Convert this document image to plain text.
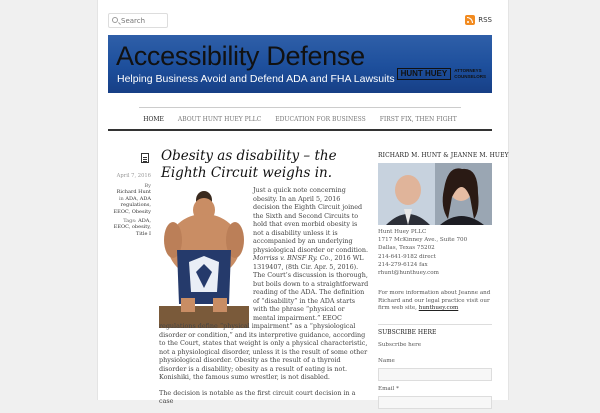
Search
RSS
Accessibility Defense
Helping Business Avoid and Defend ADA and FHA Lawsuits HUNT HUEY	ATTORNEYS
COUNSELORS
HOME ABOUT HUNT HUEY PLLC EDUCATION FOR BUSINESS FIRST FIX, THEN FIGHT
Obesity as disability – the Eighth Circuit weighs in.
April 7, 2016
By
Richard Hunt
in ADA, ADA regulations, EEOC, Obesity
Tags: ADA, EEOC, obesity, Title I

Just a quick note concerning obesity. In an April 5, 2016 decision the Eighth Circuit joined the Sixth and Second Circuits to hold that even morbid obesity is not a disability unless it is accompanied by an underlying physiological disorder or condition. Morriss v. BNSF Ry. Co., 2016 WL 1319407, (8th Cir. Apr. 5, 2016). The Court’s discussion is thorough, but boils down to a straightforward reading of the ADA. The definition of “disability” in the ADA starts with the phrase “physical or mental impairment.” EEOC regulations define “physical impairment” as a “physiological disorder or condition,” and its interpretive guidance, according to the Court, states that weight is only a physical characteristic, not a physiological disorder, unless it is the result of some other physiological disorder. Obesity as the result of a thyroid disorder is a disability; obesity as a result of eating is not. Konishiki, the famous sumo wrestler, is not disabled.

The decision is notable as the first circuit court decision in a case

RICHARD M. HUNT & JEANNE M. HUEY
Hunt Huey PLLC
1717 McKinney Ave., Suite 700
Dallas, Texas 75202
214-641-9182 direct
214-279-6124 fax
rhunt@hunthuey.com
For more information about Jeanne and Richard and our legal practice visit our firm web site, hunthuey.com
SUBSCRIBE HERE
Subscribe here
Name
Email *
